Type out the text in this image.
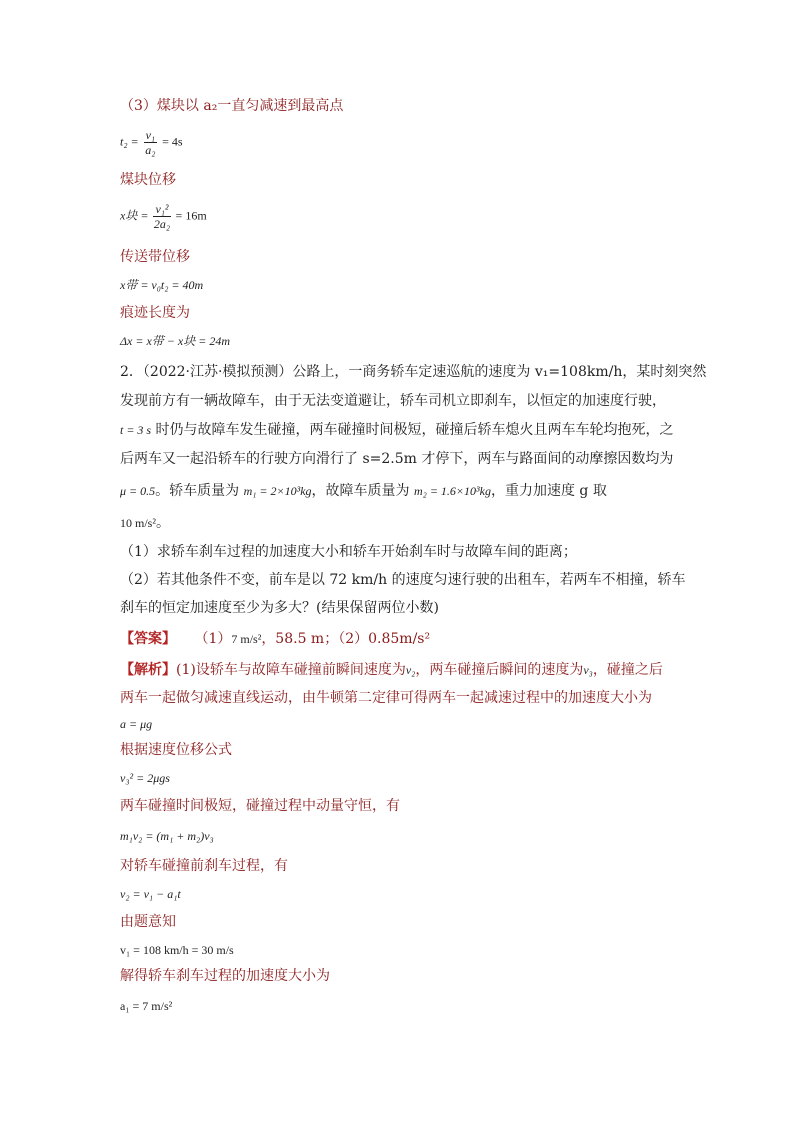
（3）煤块以 a₂一直匀减速到最高点
$t_2 = \frac{\text{v₁}}{\text{a₂}} = 4s$
煤块位移
x块 = $\frac{\text{v₁²}}{\text{2a₂}} = 16m$
传送带位移
x带 = v₀t₂ = 40m
痕迹长度为
Δx = x带 − x块 = 24m
2．（2022·江苏·模拟预测）公路上，一商务轿车定速巡航的速度为 v₁=108km/h，某时刻突然
发现前方有一辆故障车，由于无法变道避让，轿车司机立即刹车，以恒定的加速度行驶，
t = 3 s 时仍与故障车发生碰撞，两车碰撞时间极短，碰撞后轿车熄火且两车车轮均抱死，之
后两车又一起沿轿车的行驶方向滑行了 s=2.5m 才停下，两车与路面间的动摩擦因数均为
μ = 0.5。轿车质量为 m₁ = 2×10³kg，故障车质量为 m₂ = 1.6×10³kg，重力加速度 g 取
10 m/s²。
（1）求轿车刹车过程的加速度大小和轿车开始刹车时与故障车间的距离；
（2）若其他条件不变，前车是以 72 km/h 的速度匀速行驶的出租车，若两车不相撞，轿车
刹车的恒定加速度至少为多大？(结果保留两位小数)
【答案】 （1）7 m/s²，58.5 m；（2）0.85m/s²
【解析】(1)设轿车与故障车碰撞前瞬间速度为v₂，两车碰撞后瞬间的速度为v₃，碰撞之后
两车一起做匀减速直线运动，由牛顿第二定律可得两车一起减速过程中的加速度大小为
a = μg
根据速度位移公式
v₃² = 2μgs
两车碰撞时间极短，碰撞过程中动量守恒，有
m₁v₂ = (m₁ + m₂)v₃
对轿车碰撞前刹车过程，有
v₂ = v₁ − a₁t
由题意知
v₁ = 108 km/h = 30 m/s
解得轿车刹车过程的加速度大小为
a₁ = 7 m/s²
